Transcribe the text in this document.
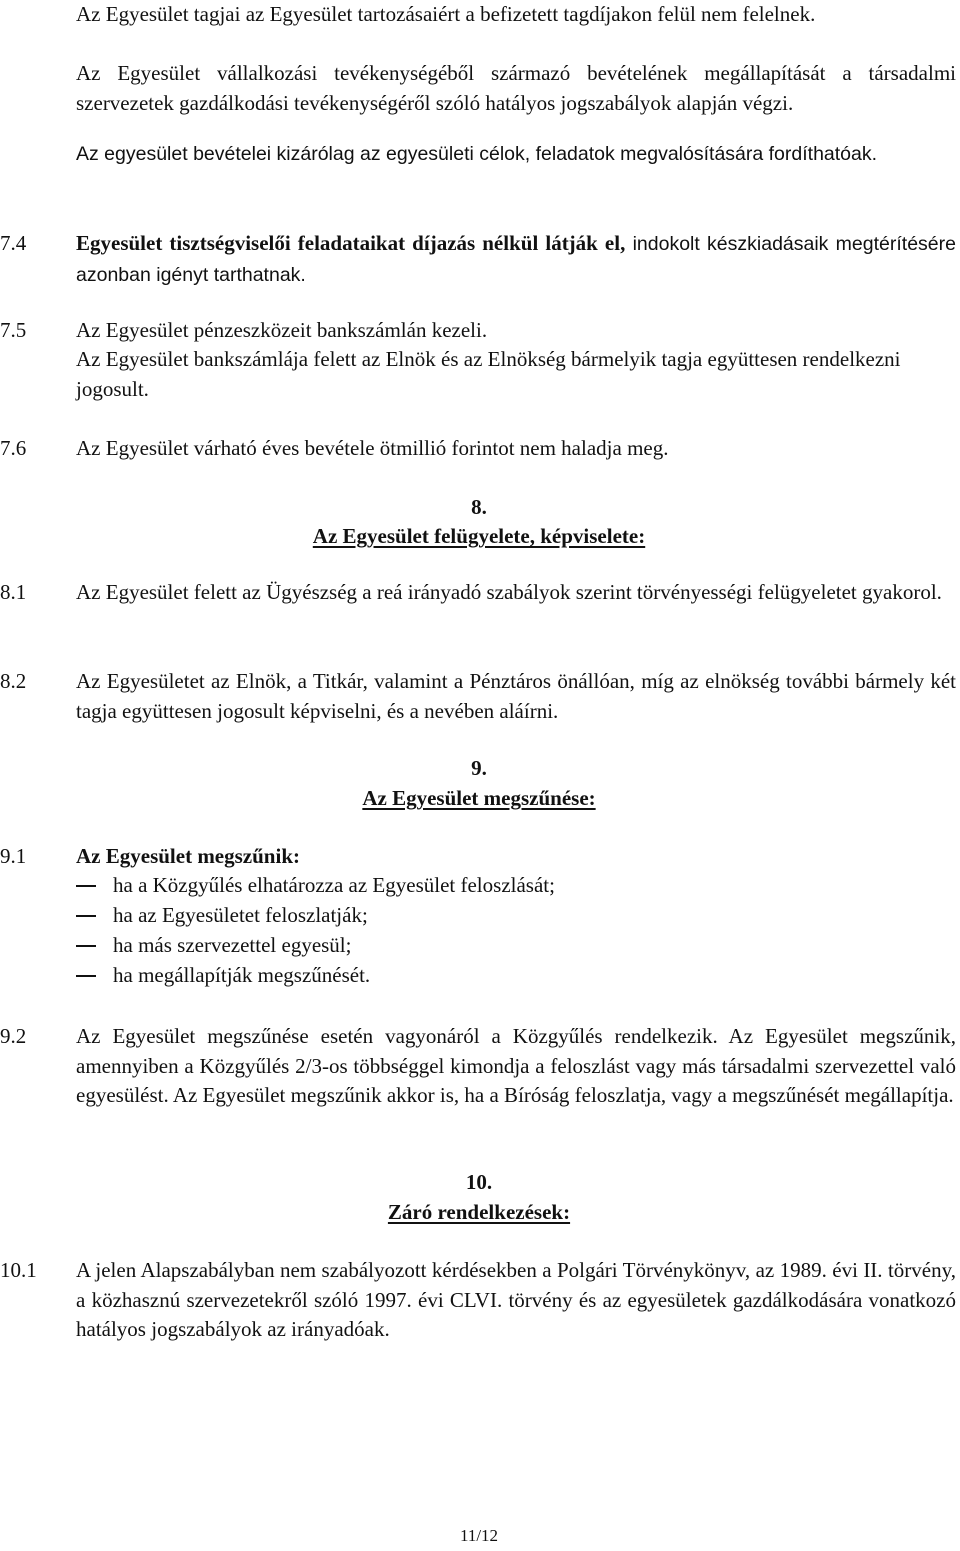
Az Egyesület tagjai az Egyesület tartozásaiért a befizetett tagdíjakon felül nem felelnek.
Az Egyesület vállalkozási tevékenységéből származó bevételének megállapítását a társadalmi szervezetek gazdálkodási tevékenységéről szóló hatályos jogszabályok alapján végzi.
Az egyesület bevételei kizárólag az egyesületi célok, feladatok megvalósítására fordíthatóak.
7.4 Egyesület tisztségviselői feladataikat díjazás nélkül látják el, indokolt készkiadásaik megtérítésére azonban igényt tarthatnak.
7.5 Az Egyesület pénzeszközeit bankszámlán kezeli.
Az Egyesület bankszámlája felett az Elnök és az Elnökség bármelyik tagja együttesen rendelkezni jogosult.
7.6 Az Egyesület várható éves bevétele ötmillió forintot nem haladja meg.
8.
Az Egyesület felügyelete, képviselete:
8.1 Az Egyesület felett az Ügyészség a reá irányadó szabályok szerint törvényességi felügyeletet gyakorol.
8.2 Az Egyesületet az Elnök, a Titkár, valamint a Pénztáros önállóan, míg az elnökség további bármely két tagja együttesen jogosult képviselni, és a nevében aláírni.
9.
Az Egyesület megszűnése:
9.1 Az Egyesület megszűnik:
ha a Közgyűlés elhatározza az Egyesület feloszlását;
ha az Egyesületet feloszlatják;
ha más szervezettel egyesül;
ha megállapítják megszűnését.
9.2 Az Egyesület megszűnése esetén vagyonáról a Közgyűlés rendelkezik. Az Egyesület megszűnik, amennyiben a Közgyűlés 2/3-os többséggel kimondja a feloszlást vagy más társadalmi szervezettel való egyesülést. Az Egyesület megszűnik akkor is, ha a Bíróság feloszlatja, vagy a megszűnését megállapítja.
10.
Záró rendelkezések:
10.1 A jelen Alapszabályban nem szabályozott kérdésekben a Polgári Törvénykönyv, az 1989. évi II. törvény, a közhasznú szervezetekről szóló 1997. évi CLVI. törvény és az egyesületek gazdálkodására vonatkozó hatályos jogszabályok az irányadóak.
11/12
